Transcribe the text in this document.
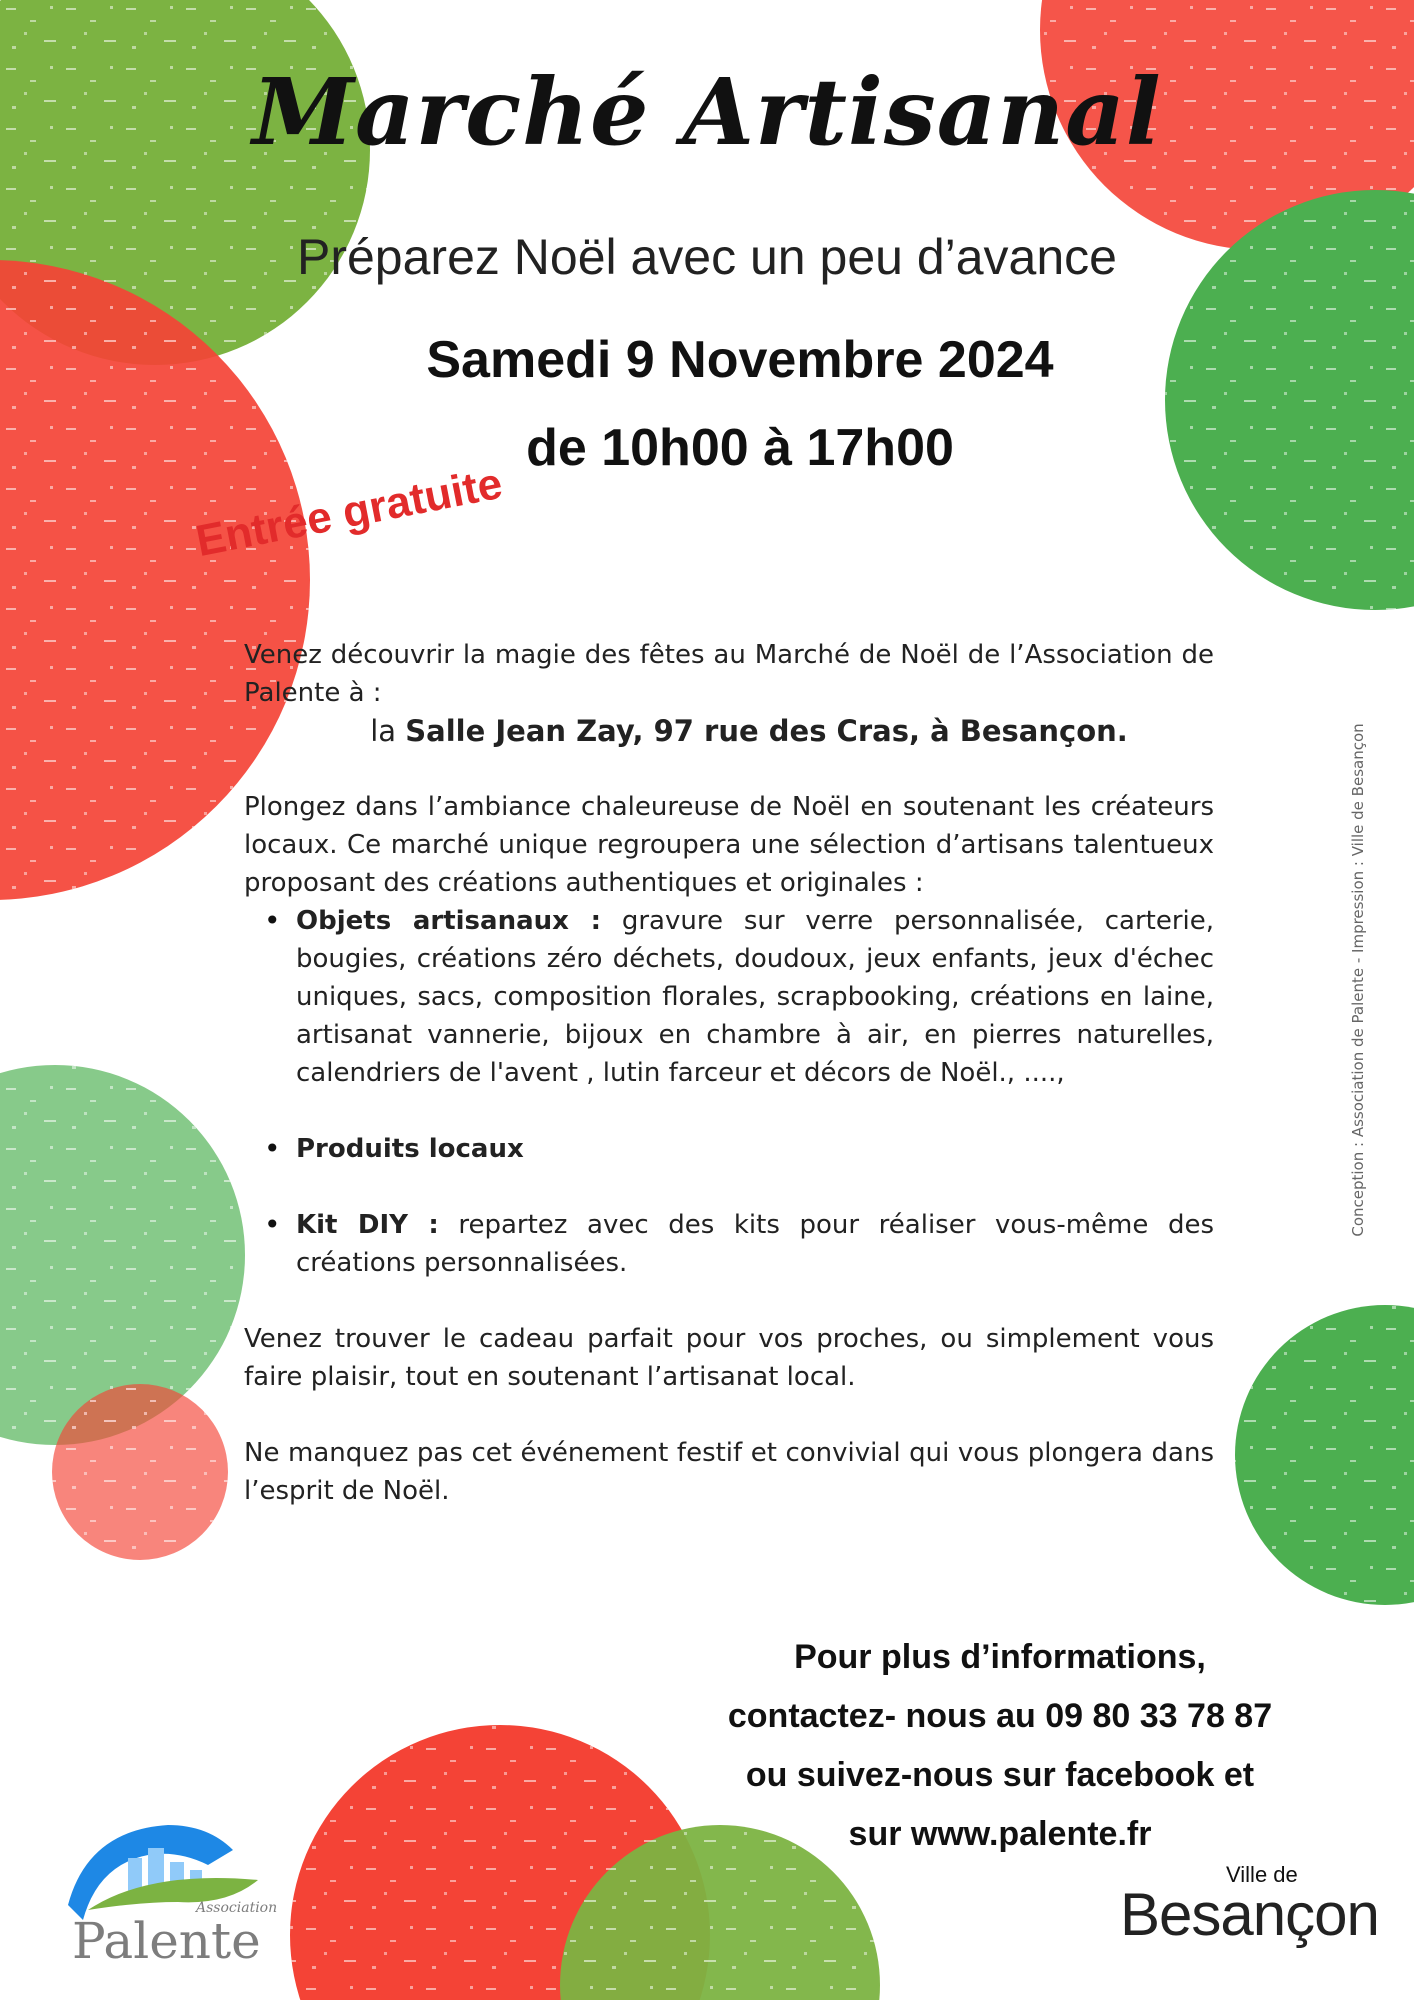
Marché Artisanal

Préparez Noël avec un peu d’avance

Samedi 9 Novembre 2024

de 10h00 à 17h00

Entrée gratuite

Venez découvrir la magie des fêtes au Marché de Noël de l’Association de Palente à :

la Salle Jean Zay, 97 rue des Cras, à Besançon.

Plongez dans l’ambiance chaleureuse de Noël en soutenant les créateurs locaux. Ce marché unique regroupera une sélection d’artisans talentueux proposant des créations authentiques et originales :

• Objets artisanaux : gravure sur verre personnalisée, carterie, bougies, créations zéro déchets, doudoux, jeux enfants, jeux d'échec uniques, sacs, composition florales, scrapbooking, créations en laine, artisanat vannerie, bijoux en chambre à air, en pierres naturelles, calendriers de l'avent , lutin farceur et décors de Noël., ....,
• Produits locaux
• Kit DIY : repartez avec des kits pour réaliser vous-même des créations personnalisées.

Venez trouver le cadeau parfait pour vos proches, ou simplement vous faire plaisir, tout en soutenant l’artisanat local.

Ne manquez pas cet événement festif et convivial qui vous plongera dans l’esprit de Noël.

Pour plus d’informations,
contactez- nous au 09 80 33 78 87
ou suivez-nous sur facebook et
sur www.palente.fr
Conception : Association de Palente - Impression : Ville de Besançon

Association

Palente

Ville de

Besançon
